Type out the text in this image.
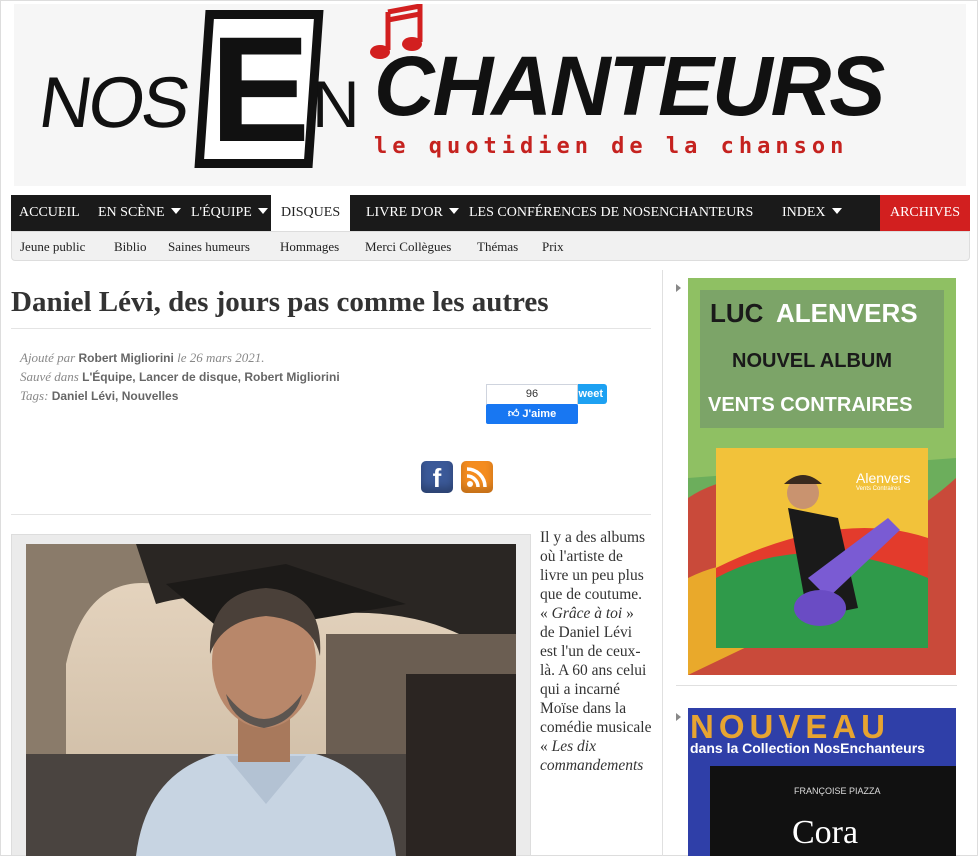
NOS E N CHANTEURS
le quotidien de la chanson
ACCUEIL EN SCÈNE	L'ÉQUIPE	DISQUES	LIVRE D'OR	LES CONFÉRENCES DE NOSENCHANTEURS INDEX	ARCHIVES
Jeune public Biblio Saines humeurs Hommages Merci Collègues Thémas Prix
Daniel Lévi, des jours pas comme les autres
Ajouté par Robert Migliorini le 26 mars 2021.
Sauvé dans L'Équipe, Lancer de disque, Robert Migliorini
Tags: Daniel Lévi, Nouvelles	weet
96
👍︎ J'aime
f
Il y a des albums où l'artiste de livre un peu plus que de coutume. « Grâce à toi » de Daniel Lévi est l'un de ceux-là. A 60 ans celui qui a incarné Moïse dans la comédie musicale « Les dix commandements
LUC ALENVERS
NOUVEL ALBUM
VENTS CONTRAIRES
Alenvers
Vents Contraires
NOUVEAU
dans la Collection NosEnchanteurs
FRANÇOISE PIAZZA
Cora
